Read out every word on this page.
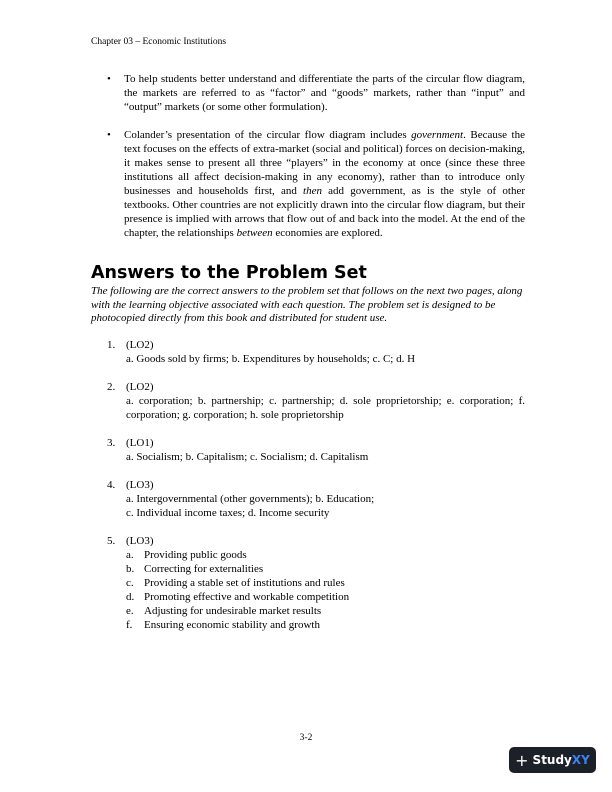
Chapter 03 – Economic Institutions
• To help students better understand and differentiate the parts of the circular flow diagram, the markets are referred to as “factor” and “goods” markets, rather than “input” and “output” markets (or some other formulation).
• Colander’s presentation of the circular flow diagram includes government. Because the text focuses on the effects of extra-market (social and political) forces on decision-making, it makes sense to present all three “players” in the economy at once (since these three institutions all affect decision-making in any economy), rather than to introduce only businesses and households first, and then add government, as is the style of other textbooks. Other countries are not explicitly drawn into the circular flow diagram, but their presence is implied with arrows that flow out of and back into the model. At the end of the chapter, the relationships between economies are explored.
Answers to the Problem Set

The following are the correct answers to the problem set that follows on the next two pages, along with the learning objective associated with each question. The problem set is designed to be photocopied directly from this book and distributed for student use.

1. (LO2)
a. Goods sold by firms; b. Expenditures by households; c. C; d. H
2. (LO2)
a. corporation; b. partnership; c. partnership; d. sole proprietorship; e. corporation; f. corporation; g. corporation; h. sole proprietorship
3. (LO1)
a. Socialism; b. Capitalism; c. Socialism; d. Capitalism
4. (LO3)
a. Intergovernmental (other governments); b. Education;
c. Individual income taxes; d. Income security
5. (LO3)
a. Providing public goods
b. Correcting for externalities
c. Providing a stable set of institutions and rules
d. Promoting effective and workable competition
e. Adjusting for undesirable market results
f. Ensuring economic stability and growth
3-2
+ Study XY
